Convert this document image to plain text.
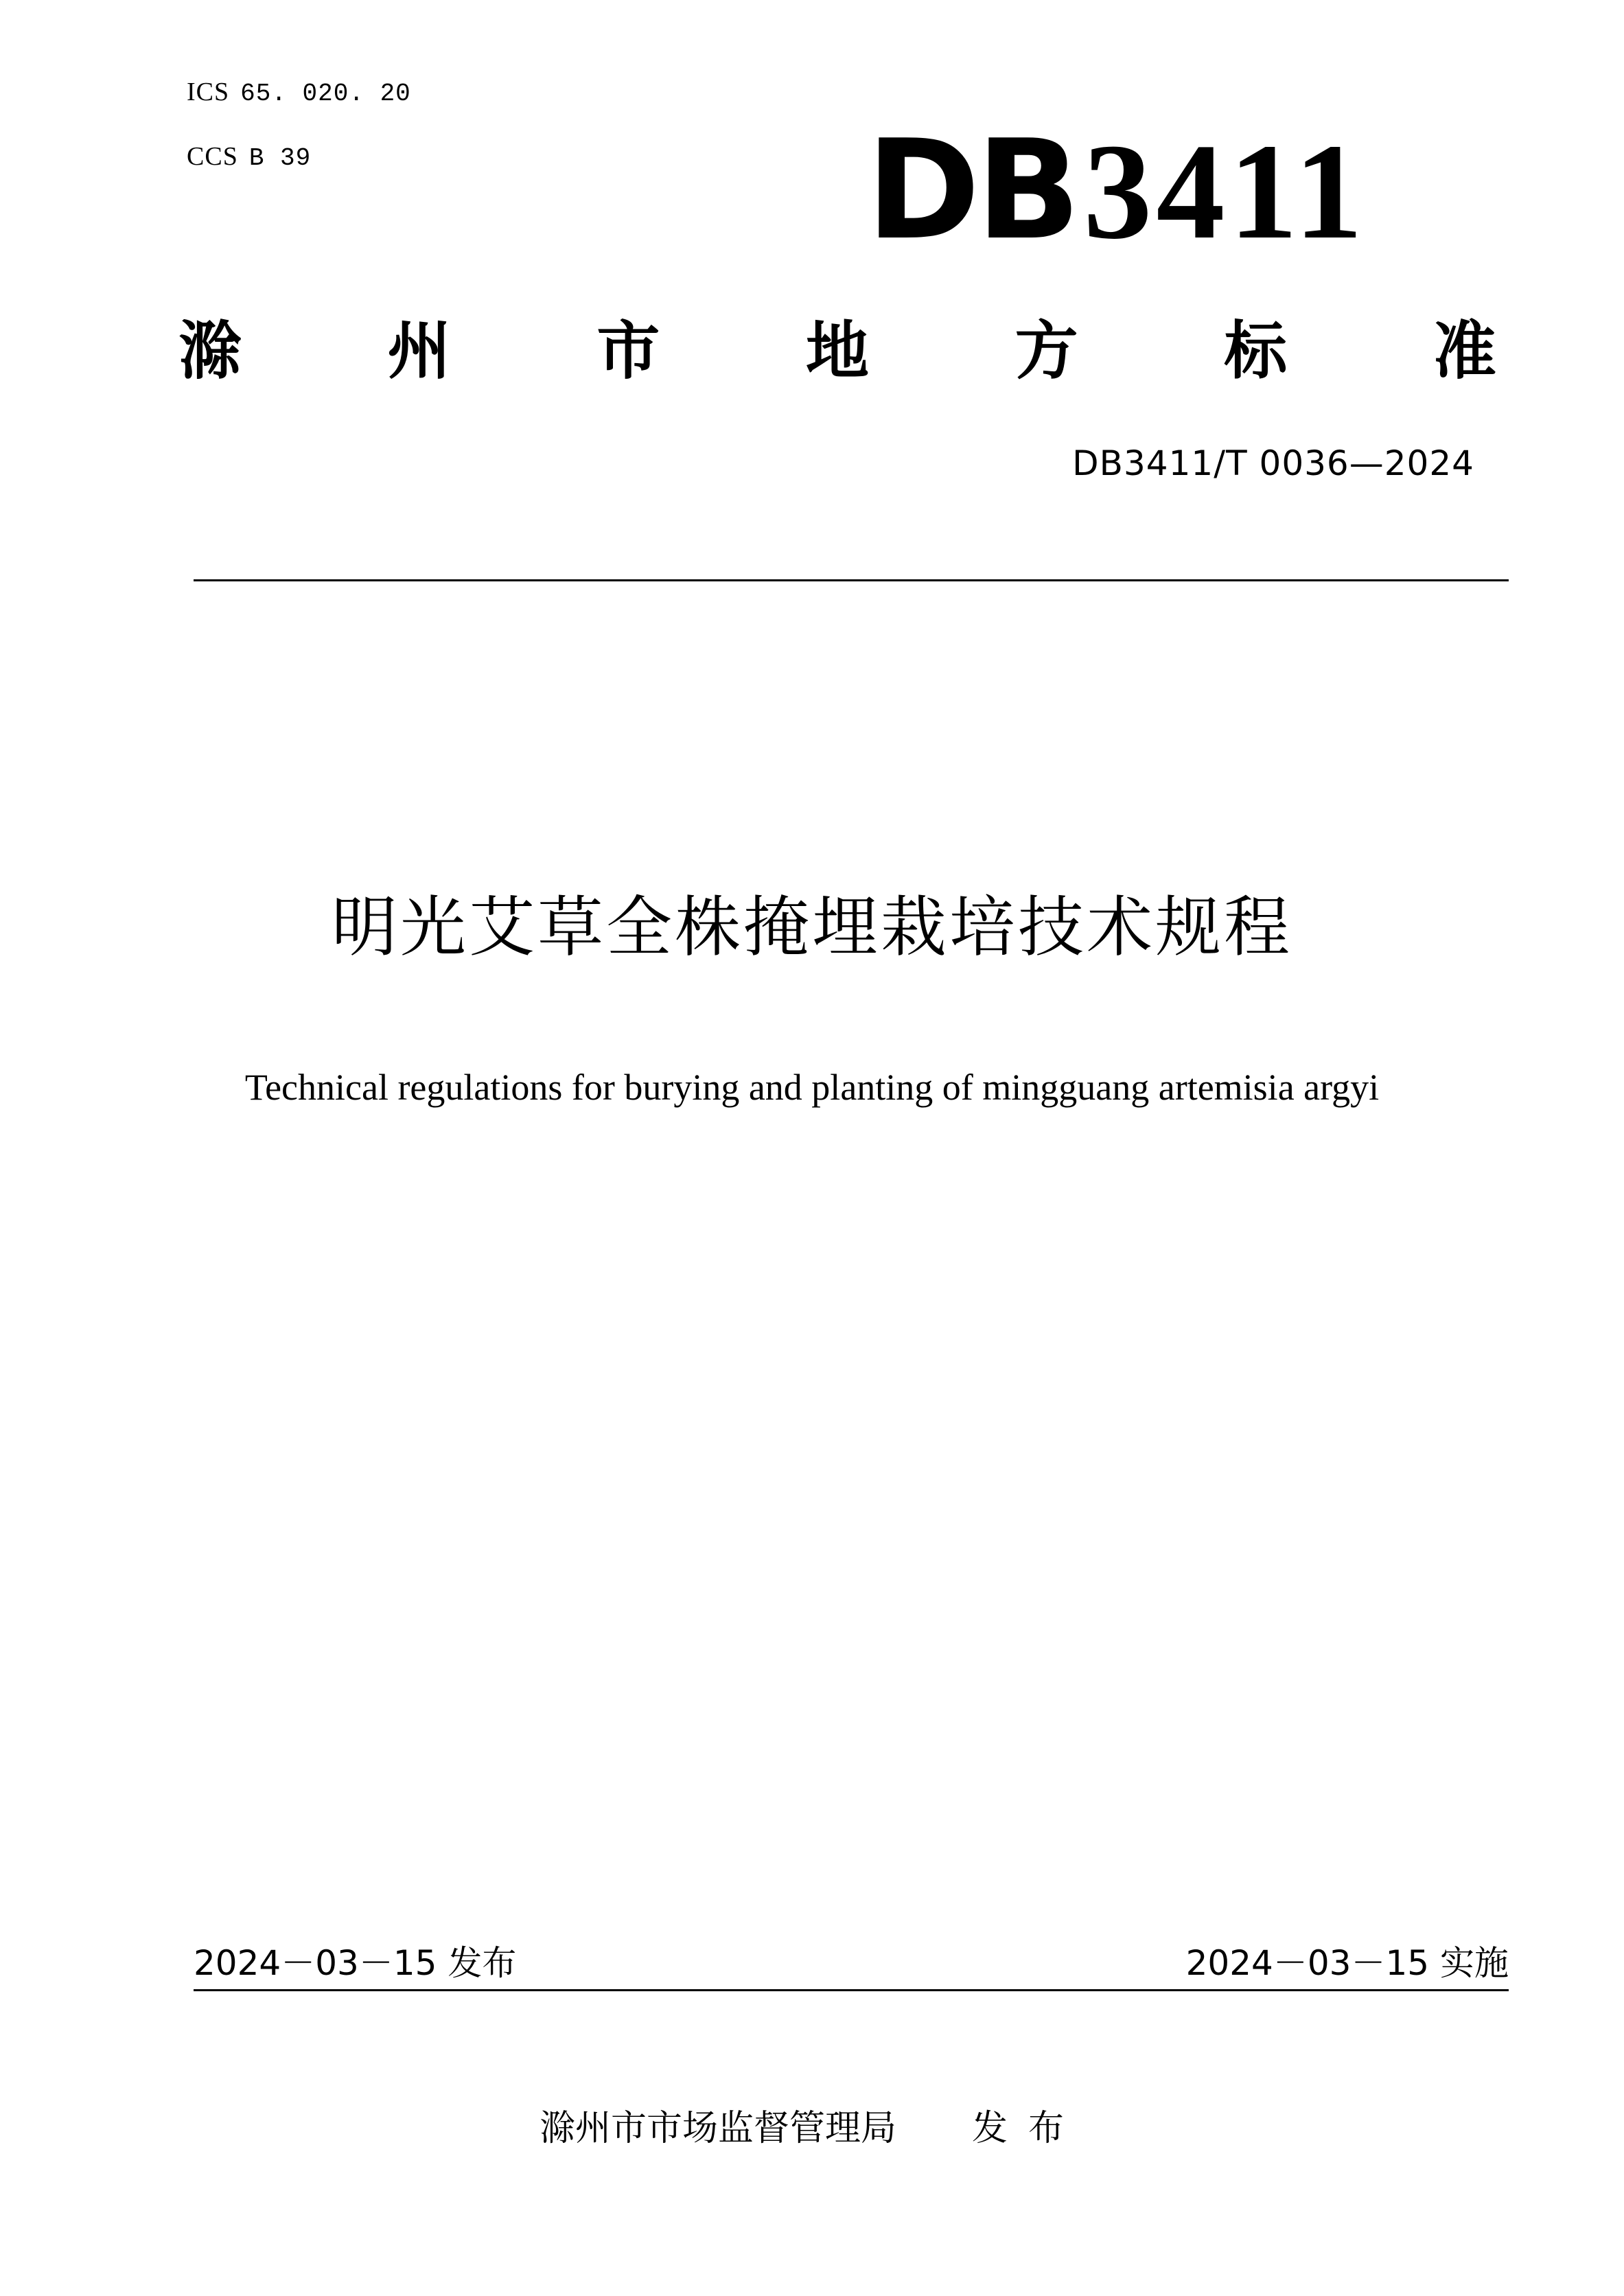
ICS 65. 020. 20
CCS B 39	DB3411
滁 州 市 地 方 标 准
DB3411/T 0036—2024
明光艾草全株掩埋栽培技术规程
Technical regulations for burying and planting of mingguang artemisia argyi
2024－03－15 发布	2024－03－15 实施
滁州市市场监督管理局 发布
